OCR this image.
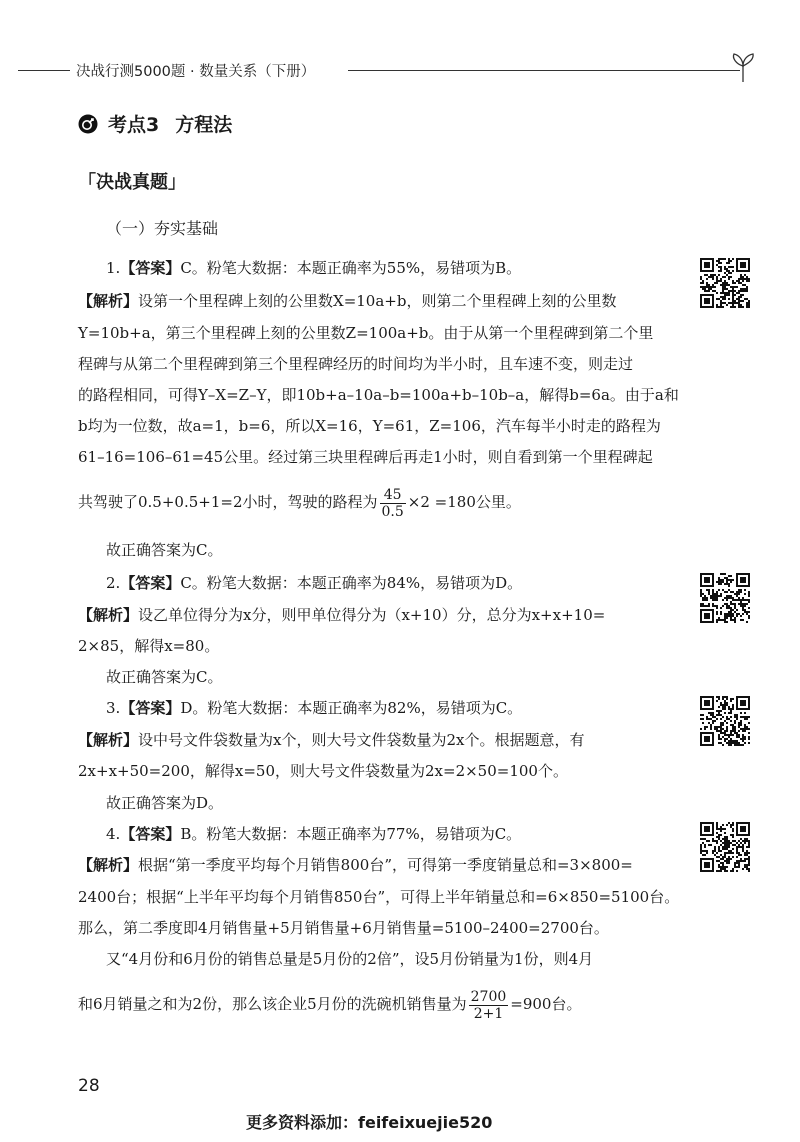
决战行测5000题 · 数量关系（下册）
考点3 方程法
「决战真题」
（一）夯实基础
1.【答案】C。粉笔大数据：本题正确率为55%，易错项为B。
【解析】设第一个里程碑上刻的公里数X=10a+b，则第二个里程碑上刻的公里数
Y=10b+a，第三个里程碑上刻的公里数Z=100a+b。由于从第一个里程碑到第二个里
程碑与从第二个里程碑到第三个里程碑经历的时间均为半小时，且车速不变，则走过
的路程相同，可得Y–X=Z–Y，即10b+a–10a–b=100a+b–10b–a，解得b=6a。由于a和
b均为一位数，故a=1，b=6，所以X=16，Y=61，Z=106，汽车每半小时走的路程为
61–16=106–61=45公里。经过第三块里程碑后再走1小时，则自看到第一个里程碑起
共驾驶了0.5+0.5+1=2小时，驾驶的路程为 $\frac{45}{0.5} \times 2 =180$公里。
故正确答案为C。
2.【答案】C。粉笔大数据：本题正确率为84%，易错项为D。
【解析】设乙单位得分为x分，则甲单位得分为（x+10）分，总分为x+x+10=
2×85，解得x=80。
故正确答案为C。
3.【答案】D。粉笔大数据：本题正确率为82%，易错项为C。
【解析】设中号文件袋数量为x个，则大号文件袋数量为2x个。根据题意，有
2x+x+50=200，解得x=50，则大号文件袋数量为2x=2×50=100个。
故正确答案为D。
4.【答案】B。粉笔大数据：本题正确率为77%，易错项为C。
【解析】根据“第一季度平均每个月销售800台”，可得第一季度销量总和=3×800=
2400台；根据“上半年平均每个月销售850台”，可得上半年销量总和=6×850=5100台。
那么，第二季度即4月销售量+5月销售量+6月销售量=5100–2400=2700台。
又“4月份和6月份的销售总量是5月份的2倍”，设5月份销量为1份，则4月
和6月销量之和为2份，那么该企业5月份的洗碗机销售量为 $\frac{2700}{2+1} =900$台。
28
更多资料添加：feifeixuejie520
